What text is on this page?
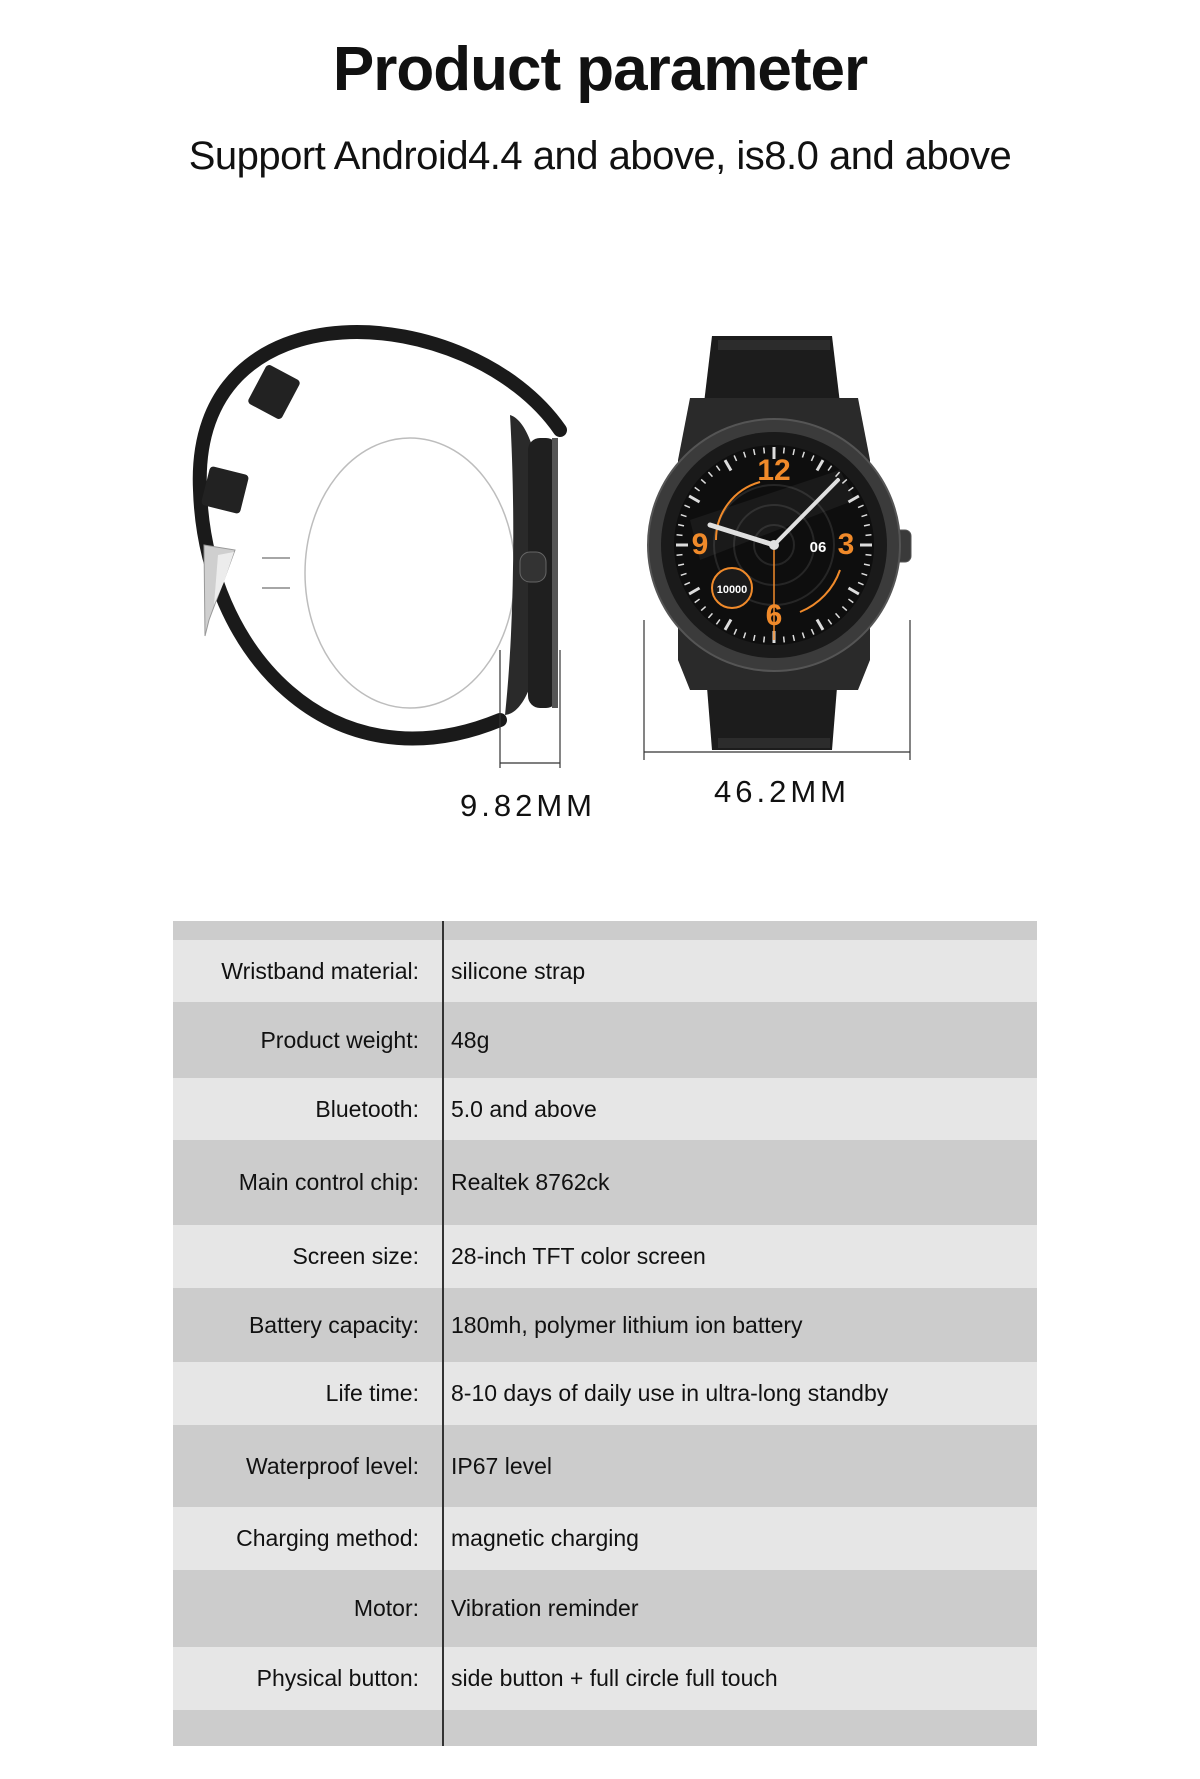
Product parameter
Support Android4.4 and above, is8.0 and above
12
3
6
9	06
10000
9.82MM	46.2MM
Wristband material:	silicone strap
Product weight:	48g
Bluetooth:	5.0 and above
Main control chip:	Realtek 8762ck
Screen size:	28-inch TFT color screen
Battery capacity:	180mh, polymer lithium ion battery
Life time:	8-10 days of daily use in ultra-long standby
Waterproof level:	IP67 level
Charging method:	magnetic charging
Motor:	Vibration reminder
Physical button:	side button + full circle full touch
